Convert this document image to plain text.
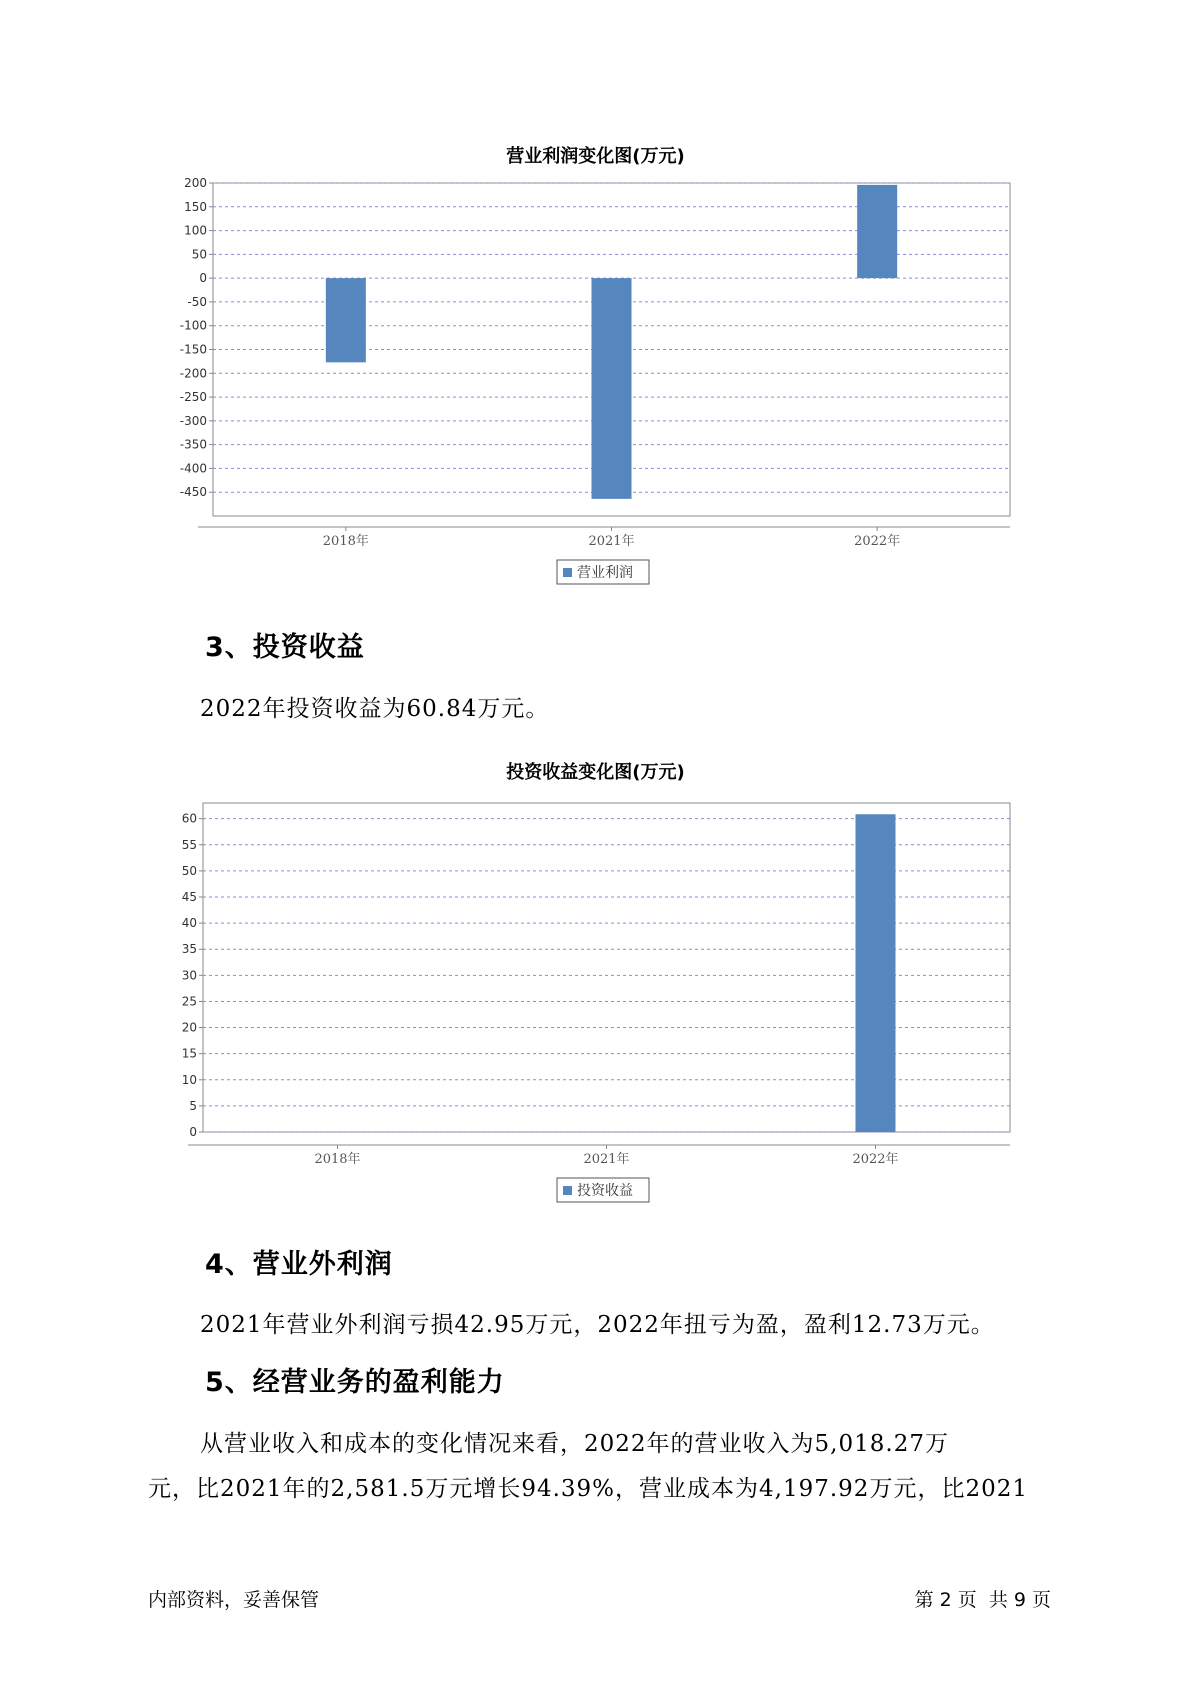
营业利润变化图(万元)
200
150
100
50
0
-50
-100
-150
-200
-250
-300
-350
-400
-450
2018年	2021年	2022年
营业利润
3、投资收益
2022年投资收益为60.84万元。
投资收益变化图(万元)
60
55
50
45
40
35
30
25
20
15
10
5
0
2018年	2021年	2022年
投资收益
4、营业外利润
2021年营业外利润亏损42.95万元，2022年扭亏为盈，盈利12.73万元。
5、经营业务的盈利能力
从营业收入和成本的变化情况来看，2022年的营业收入为5,018.27万
元，比2021年的2,581.5万元增长94.39%，营业成本为4,197.92万元，比2021
内部资料，妥善保管	第 2 页  共 9 页
